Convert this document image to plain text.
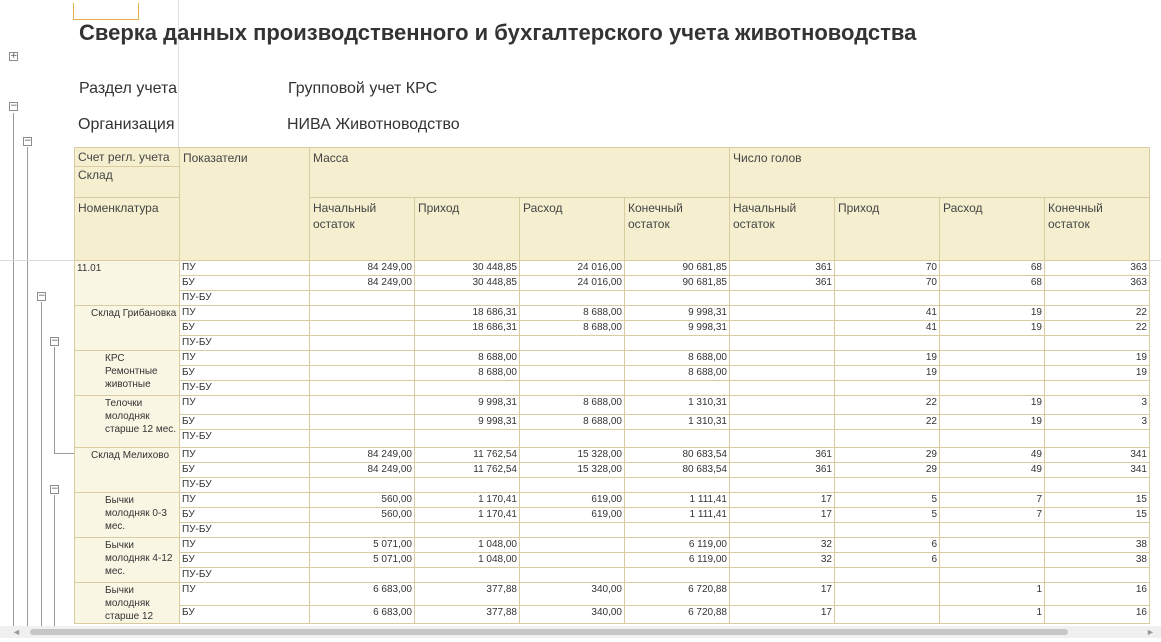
+
−
−
−
−
−
Сверка данных производственного и бухгалтерского учета животноводства
Раздел учета	Групповой учет КРС
Организация	НИВА Животноводство
Счет регл. учета
Склад	Показатели	Масса				Число голов			
Номенклатура		Начальный остаток	Приход	Расход	Конечный остаток	Начальный остаток	Приход	Расход	Конечный остаток
11.01	ПУ	84 249,00	30 448,85	24 016,00	90 681,85	361	70	68	363
	БУ	84 249,00	30 448,85	24 016,00	90 681,85	361	70	68	363
	ПУ-БУ								
Склад Грибановка	ПУ		18 686,31	8 688,00	9 998,31		41	19	22
	БУ		18 686,31	8 688,00	9 998,31		41	19	22
	ПУ-БУ								
КРС Ремонтные животные	ПУ		8 688,00		8 688,00		19		19
	БУ		8 688,00		8 688,00		19		19
	ПУ-БУ								
Телочки молодняк старше 12 мес.	ПУ		9 998,31	8 688,00	1 310,31		22	19	3
	БУ		9 998,31	8 688,00	1 310,31		22	19	3
	ПУ-БУ								
Склад Мелихово	ПУ	84 249,00	11 762,54	15 328,00	80 683,54	361	29	49	341
	БУ	84 249,00	11 762,54	15 328,00	80 683,54	361	29	49	341
	ПУ-БУ								
Бычки молодняк 0-3 мес.	ПУ	560,00	1 170,41	619,00	1 111,41	17	5	7	15
	БУ	560,00	1 170,41	619,00	1 111,41	17	5	7	15
	ПУ-БУ								
Бычки молодняк 4-12 мес.	ПУ	5 071,00	1 048,00		6 119,00	32	6		38
	БУ	5 071,00	1 048,00		6 119,00	32	6		38
	ПУ-БУ								
Бычки молодняк старше 12	ПУ	6 683,00	377,88	340,00	6 720,88	17		1	16
	БУ	6 683,00	377,88	340,00	6 720,88	17		1	16
◄	►
